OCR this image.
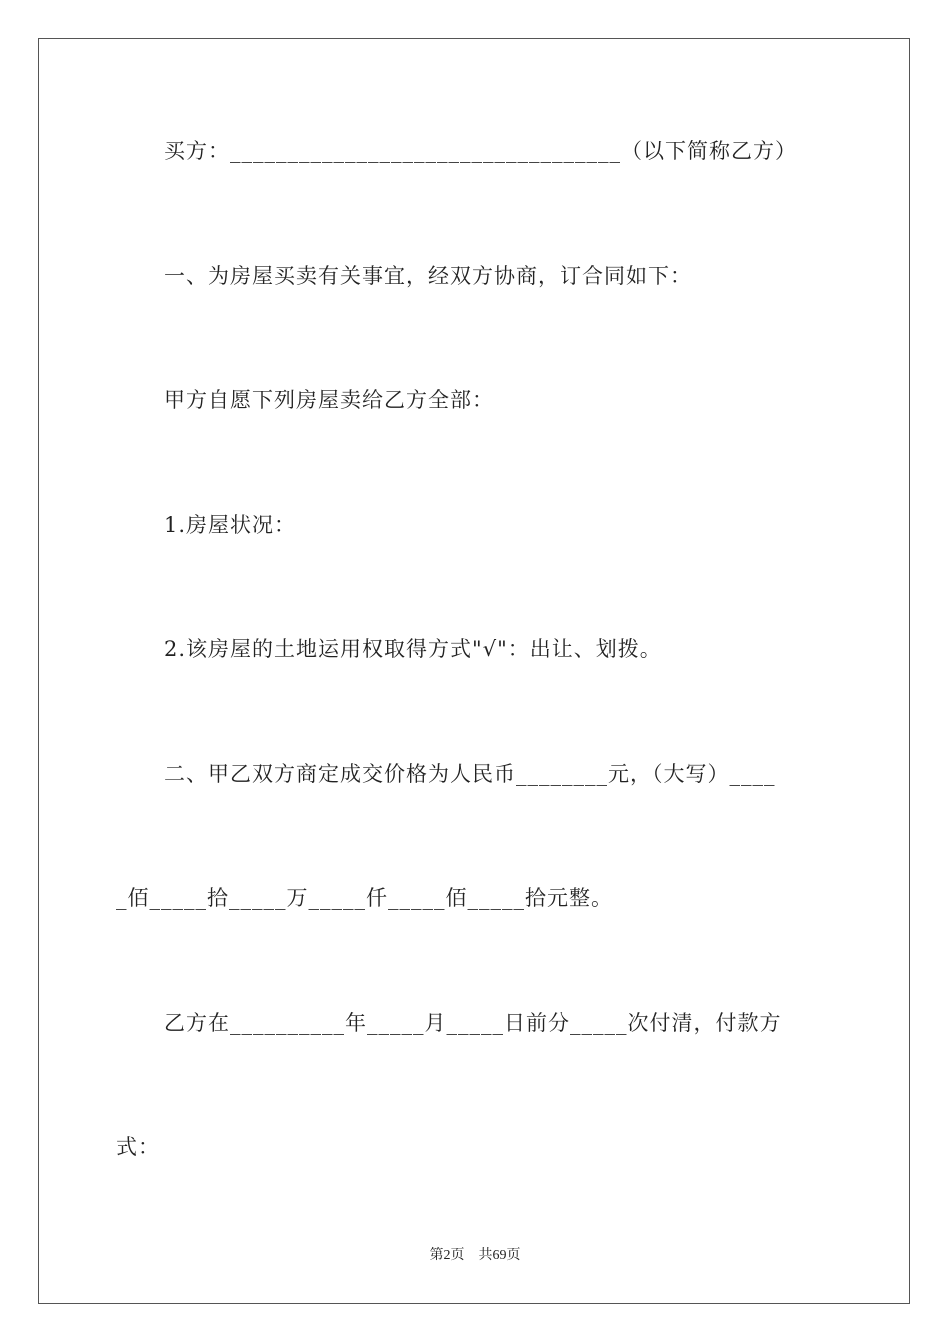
买方：__________________________________（以下简称乙方）
一、为房屋买卖有关事宜，经双方协商，订合同如下：
甲方自愿下列房屋卖给乙方全部：
1.房屋状况：
2.该房屋的土地运用权取得方式"√"：出让、划拨。
二、甲乙双方商定成交价格为人民币________元，（大写）____
_佰_____拾_____万_____仟_____佰_____拾元整。
乙方在__________年_____月_____日前分_____次付清，付款方
式：
第2页 共69页
